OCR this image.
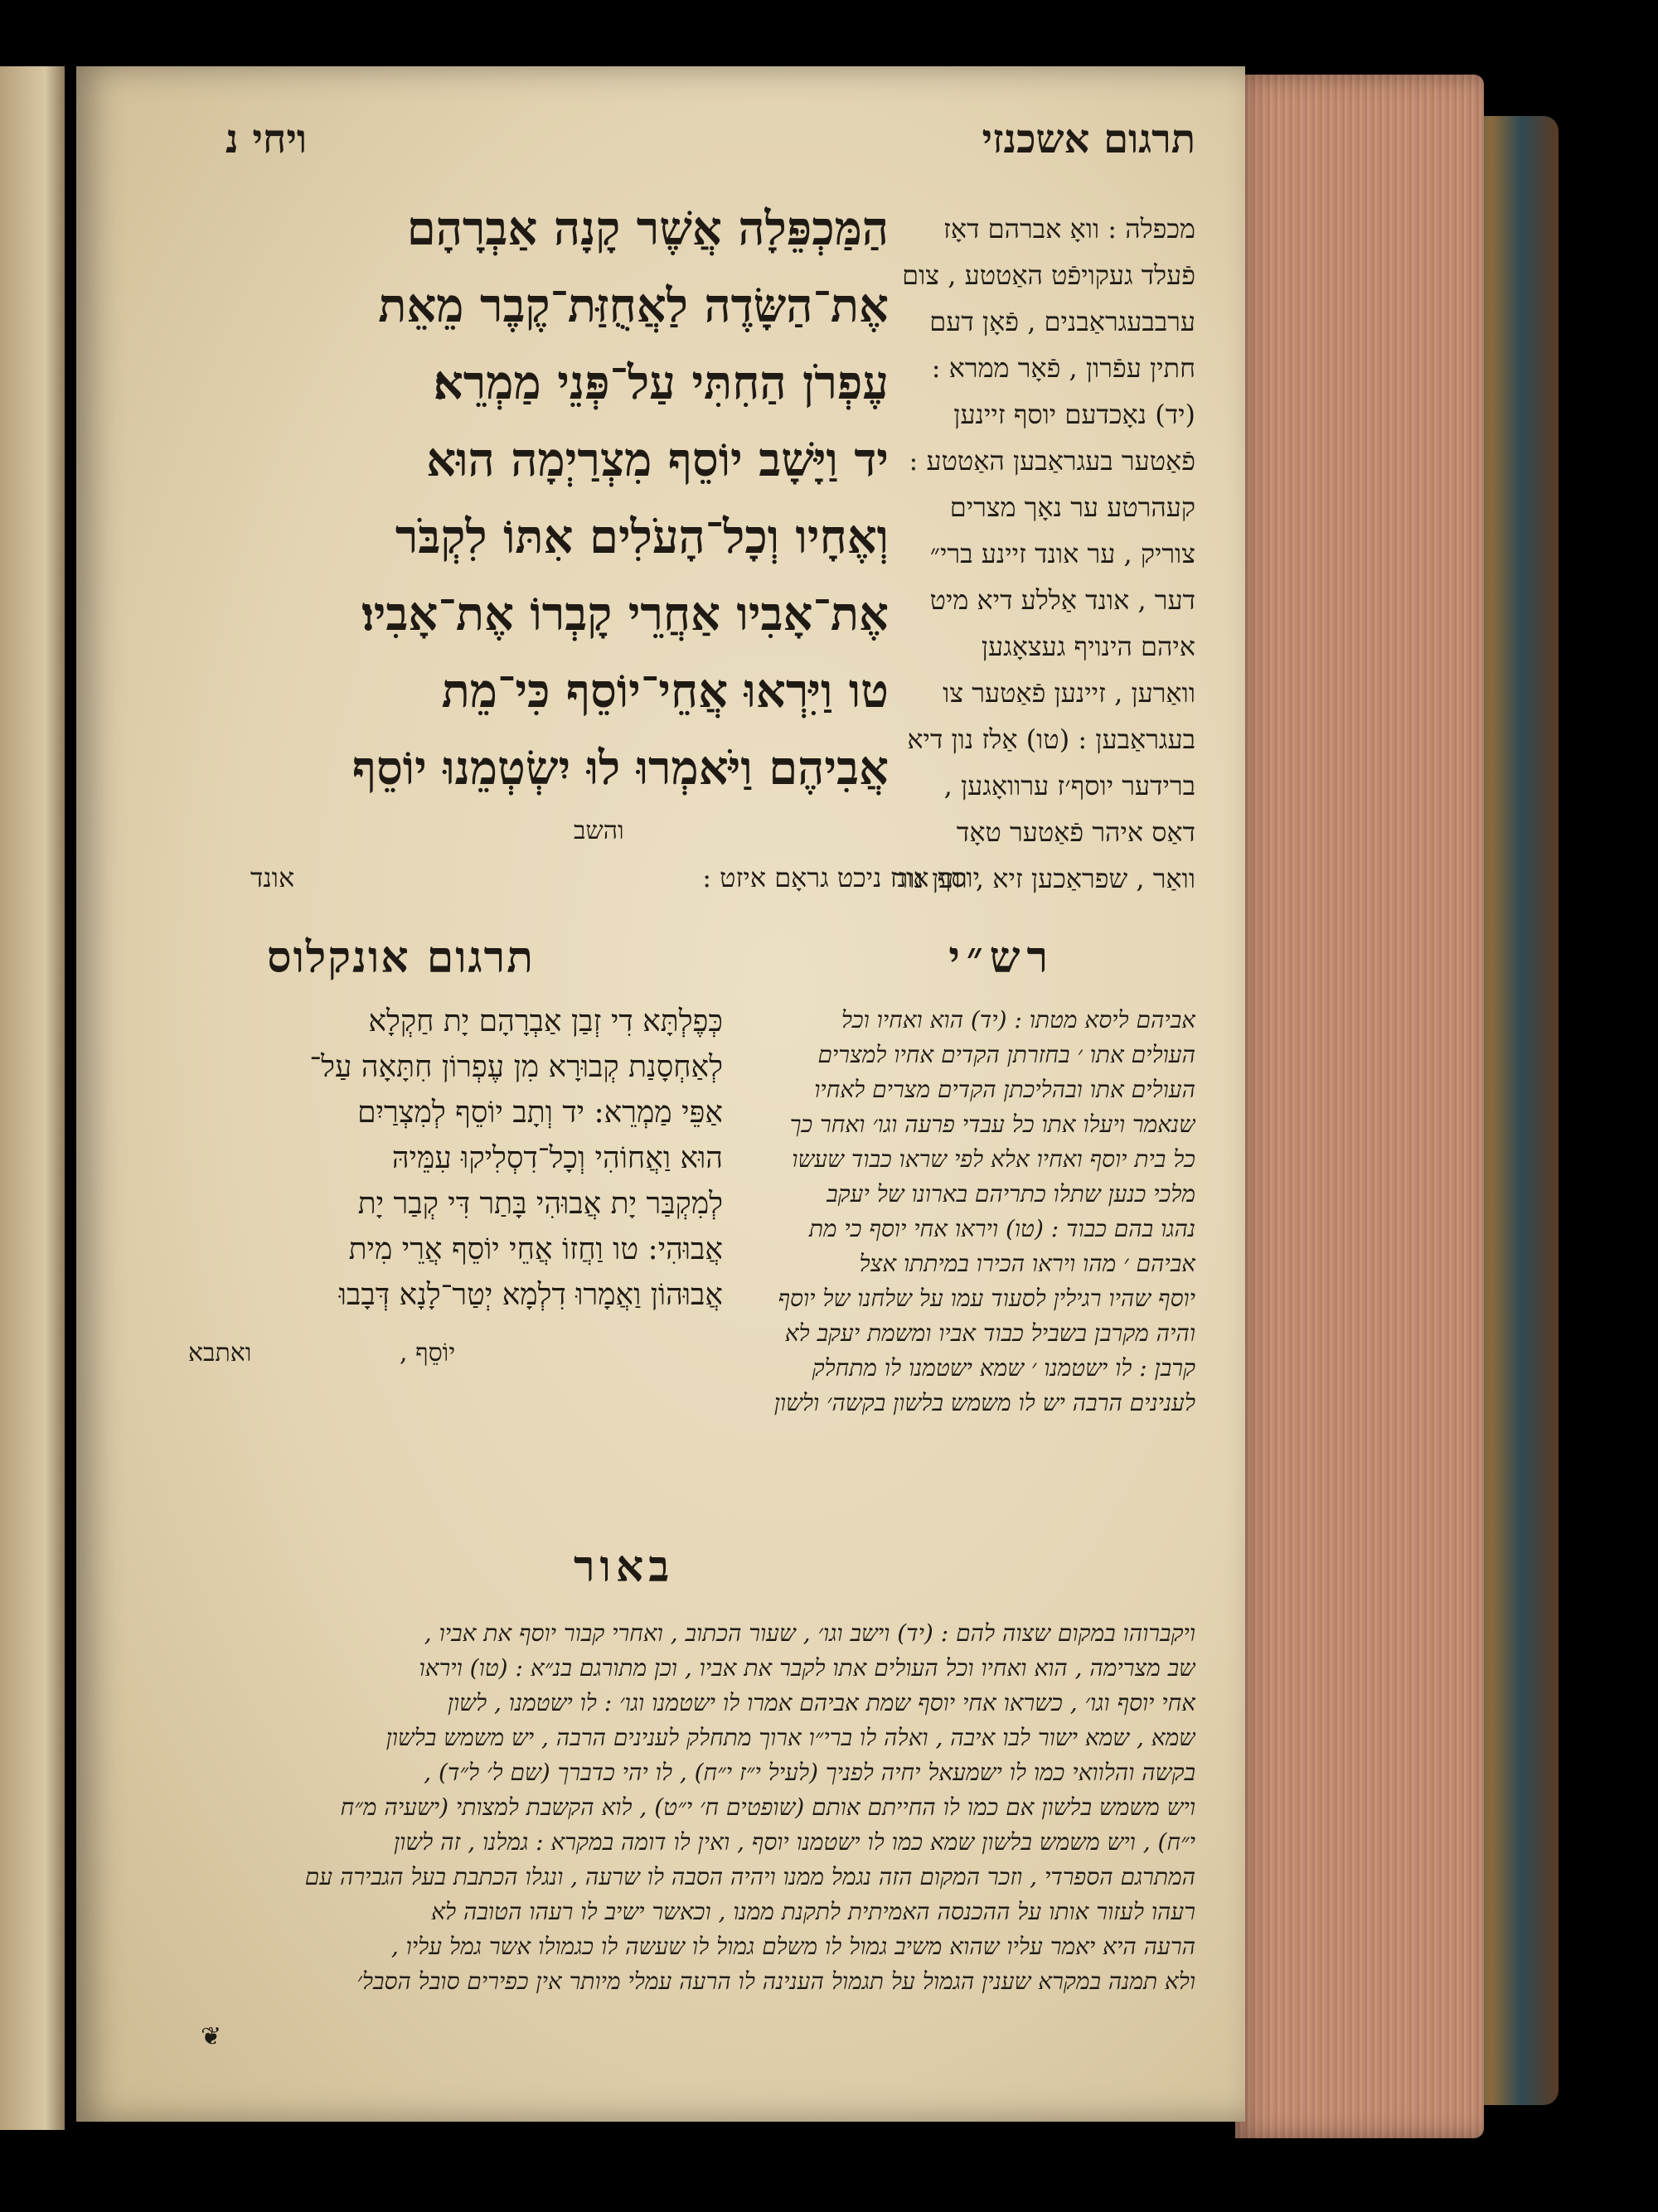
תרגום אשכנזי
ויחי נ

הַמַּכְפֵּלָה אֲשֶׁר קָנָה אַבְרָהָם

אֶת־הַשָּׂדֶה לַאֲחֻזַּת־קֶבֶר מֵאֵת

עֶפְרֹן הַחִתִּי עַל־פְּנֵי מַמְרֵא׃

יד וַיָּשָׁב יוֹסֵף מִצְרַיְמָה הוּא

וְאֶחָיו וְכָל־הָעֹלִים אִתּוֹ לִקְבֹּר

אֶת־אָבִיו אַחֲרֵי קָבְרוֹ אֶת־אָבִיו׃

טו וַיִּרְאוּ אֲחֵי־יוֹסֵף כִּי־מֵת

אֲבִיהֶם וַיֹּאמְרוּ לוּ יִשְׂטְמֵנוּ יוֹסֵף

והשב

מכפלה : וואָ אברהם דאָז

פֿעלד געקויפֿט האַטטע , צום

ערבבעגראַבנים , פֿאָן דעם

חתין עפֿרון , פֿאָר ממרא :

(יד) נאָכדעם יוסף זיינען

פֿאַטער בעגראַבען האַטטע :

קעהרטע ער נאָך מצרים

צוריק , ער אונד זיינע ברי״

דער , אונד אַללע דיא מיט

איהם הינויף געצאָגען

וואַרען , זיינען פֿאַטער צו

בעגראַבען : (טו) אַלז נון דיא

ברידער יוסף׳ז ערוואָגען ,

דאַס איהר פֿאַטער טאָד

וואַר , שפראַכען זיא , ווען נור

יוסף אונז ניכט גראָם איזט :
אונד
רש״י
תרגום אונקלוס

אביהם ליסא מטתו : (יד) הוא ואחיו וכל

העולים אתו ׳ בחזרתן הקדים אחיו למצרים

העולים אתו ובהליכתן הקדים מצרים לאחיו

שנאמר ויעלו אתו כל עבדי פרעה וגו׳ ואחר כך

כל בית יוסף ואחיו אלא לפי שראו כבוד שעשו

מלכי כנען שתלו כתריהם בארונו של יעקב

נהגו בהם כבוד : (טו) ויראו אחי יוסף כי מת

אביהם ׳ מהו ויראו הכירו במיתתו אצל

יוסף שהיו רגילין לסעוד עמו על שלחנו של יוסף

והיה מקרבן בשביל כבוד אביו ומשמת יעקב לא

קרבן : לו ישטמנו ׳ שמא ישטמנו לו מתחלק

לענינים הרבה יש לו משמש בלשון בקשה׳ ולשון

כְּפֶלְתָּא דִי זְבַן אַבְרָהָם יָת חַקְלָא

לְאַחְסָנַת קְבוּרָא מִן עֶפְרוֹן חִתָּאָה עַל־

אַפֵּי מַמְרֵא: יד וְתָב יוֹסֵף לְמִצְרַיִם

הוּא וַאֲחוֹהִי וְכָל־דִסְלִיקוּ עִמֵּיהּ

לְמִקְבַּר יָת אֲבוּהִי בָּתַר דִּי קְבַר יָת

אֲבוּהִי: טו וַחֲזוֹ אֲחֵי יוֹסֵף אֲרֵי מִית

אֲבוּהוֹן וַאֲמָרוּ דִלְמָא יְטַר־לָנָא דְּבָבוּ

יוֹסֵף ,
ואתבא
באור

ויקברוהו במקום שצוה להם : (יד) וישב וגו׳ , שעור הכתוב , ואחרי קבור יוסף את אביו ,

שב מצרימה , הוא ואחיו וכל העולים אתו לקבר את אביו , וכן מתורגם בנ״א : (טו) ויראו

אחי יוסף וגו׳ , כשראו אחי יוסף שמת אביהם אמרו לו ישטמנו וגו׳ : לו ישטמנו , לשון

שמא , שמא ישור לבו איבה , ואלה לו ברי״ו ארוך מתחלק לענינים הרבה , יש משמש בלשון

בקשה והלוואי כמו לו ישמעאל יחיה לפניך (לעיל י״ז י״ח) , לו יהי כדברך (שם ל׳ ל״ד) ,

ויש משמש בלשון אם כמו לו החייתם אותם (שופטים ח׳ י״ט) , לוא הקשבת למצותי (ישעיה מ״ח

י״ח) , ויש משמש בלשון שמא כמו לו ישטמנו יוסף , ואין לו דומה במקרא : גמלנו , זה לשון

המתרגם הספרדי , וזכר המקום הזה נגמל ממנו ויהיה הסבה לו שרעה , ונגלו הכתבת בעל הגבירה עם

רעהו לעזור אותו על ההכנסה האמיתית לתקנת ממנו , וכאשר ישיב לו רעהו הטובה לא

הרעה היא יאמר עליו שהוא משיב גמול לו משלם גמול לו שעשה לו כגמולו אשר גמל עליו ,

ולא תמנה במקרא שענין הגמול על תגמול הענינה לו הרעה עמלי מיותר אין כפירים סובל הסבל׳

❦
